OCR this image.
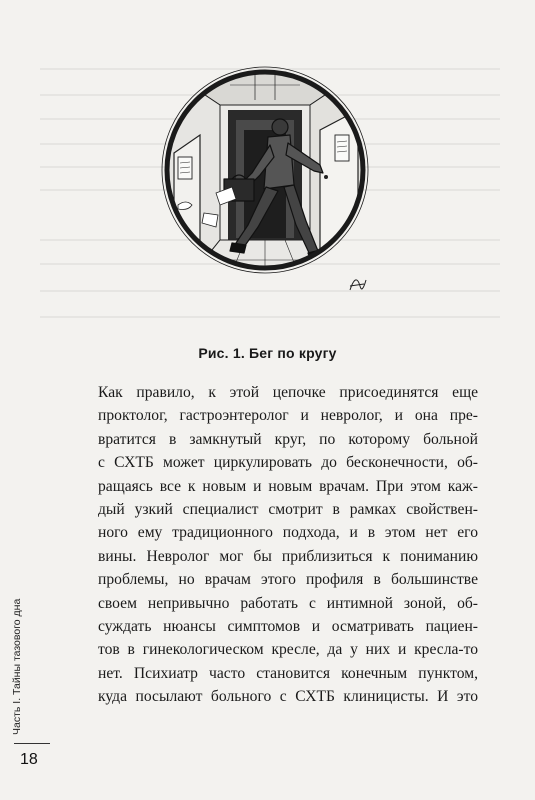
Рис. 1. Бег по кругу
Как правило, к этой цепочке присоединятся еще
проктолог, гастроэнтеролог и невролог, и она пре-
вратится в замкнутый круг, по которому больной
с СХТБ может циркулировать до бесконечности, об-
ращаясь все к новым и новым врачам. При этом каж-
дый узкий специалист смотрит в рамках свойствен-
ного ему традиционного подхода, и в этом нет его
вины. Невролог мог бы приблизиться к пониманию
проблемы, но врачам этого профиля в большинстве
своем непривычно работать с интимной зоной, об-
суждать нюансы симптомов и осматривать пациен-
тов в гинекологическом кресле, да у них и кресла-то
нет. Психиатр часто становится конечным пунктом,
куда посылают больного с СХТБ клиницисты. И это
Часть I. Тайны тазового дна
18
